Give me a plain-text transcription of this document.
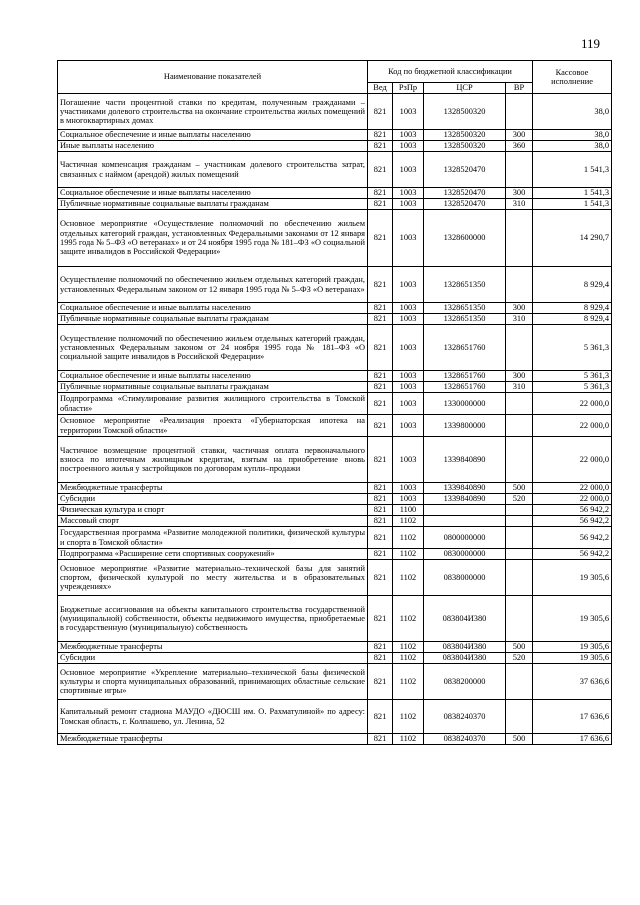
119
Наименование показателей	Код по бюджетной классификации				Кассовое исполнение
	Вед	РзПр	ЦСР	ВР	
Погашение части процентной ставки по кредитам, полученным гражданами – участниками долевого строительства на окончание строительства жилых помещений в многоквартирных домах	821	1003	1328500320		38,0
Социальное обеспечение и иные выплаты населению	821	1003	1328500320	300	38,0
Иные выплаты населению	821	1003	1328500320	360	38,0
Частичная компенсация гражданам – участникам долевого строительства затрат, связанных с наймом (арендой) жилых помещений	821	1003	1328520470		1 541,3
Социальное обеспечение и иные выплаты населению	821	1003	1328520470	300	1 541,3
Публичные нормативные социальные выплаты гражданам	821	1003	1328520470	310	1 541,3
Основное мероприятие «Осуществление полномочий по обеспечению жильем отдельных категорий граждан, установленных Федеральными законами от 12 января 1995 года № 5–ФЗ «О ветеранах» и от 24 ноября 1995 года № 181–ФЗ «О социальной защите инвалидов в Российской Федерации»	821	1003	1328600000		14 290,7
Осуществление полномочий по обеспечению жильем отдельных категорий граждан, установленных Федеральным законом от 12 января 1995 года № 5–ФЗ «О ветеранах»	821	1003	1328651350		8 929,4
Социальное обеспечение и иные выплаты населению	821	1003	1328651350	300	8 929,4
Публичные нормативные социальные выплаты гражданам	821	1003	1328651350	310	8 929,4
Осуществление полномочий по обеспечению жильем отдельных категорий граждан, установленных Федеральным законом от 24 ноября 1995 года № 181–ФЗ «О социальной защите инвалидов в Российской Федерации»	821	1003	1328651760		5 361,3
Социальное обеспечение и иные выплаты населению	821	1003	1328651760	300	5 361,3
Публичные нормативные социальные выплаты гражданам	821	1003	1328651760	310	5 361,3
Подпрограмма «Стимулирование развития жилищного строительства в Томской области»	821	1003	1330000000		22 000,0
Основное мероприятие «Реализация проекта «Губернаторская ипотека на территории Томской области»	821	1003	1339800000		22 000,0
Частичное возмещение процентной ставки, частичная оплата первоначального взноса по ипотечным жилищным кредитам, взятым на приобретение вновь построенного жилья у застройщиков по договорам купли–продажи	821	1003	1339840890		22 000,0
Межбюджетные трансферты	821	1003	1339840890	500	22 000,0
Субсидии	821	1003	1339840890	520	22 000,0
Физическая культура и спорт	821	1100			56 942,2
Массовый спорт	821	1102			56 942,2
Государственная программа «Развитие молодежной политики, физической культуры и спорта в Томской области»	821	1102	0800000000		56 942,2
Подпрограмма «Расширение сети спортивных сооружений»	821	1102	0830000000		56 942,2
Основное мероприятие «Развитие материально–технической базы для занятий спортом, физической культурой по месту жительства и в образовательных учреждениях»	821	1102	0838000000		19 305,6
Бюджетные ассигнования на объекты капитального строительства государственной (муниципальной) собственности, объекты недвижимого имущества, приобретаемые в государственную (муниципальную) собственность	821	1102	083804И380		19 305,6
Межбюджетные трансферты	821	1102	083804И380	500	19 305,6
Субсидии	821	1102	083804И380	520	19 305,6
Основное мероприятие «Укрепление материально–технической базы физической культуры и спорта муниципальных образований, принимающих областные сельские спортивные игры»	821	1102	0838200000		37 636,6
Капитальный ремонт стадиона МАУДО «ДЮСШ им. О. Рахматулиной» по адресу: Томская область, г. Колпашево, ул. Ленина, 52	821	1102	0838240370		17 636,6
Межбюджетные трансферты	821	1102	0838240370	500	17 636,6
